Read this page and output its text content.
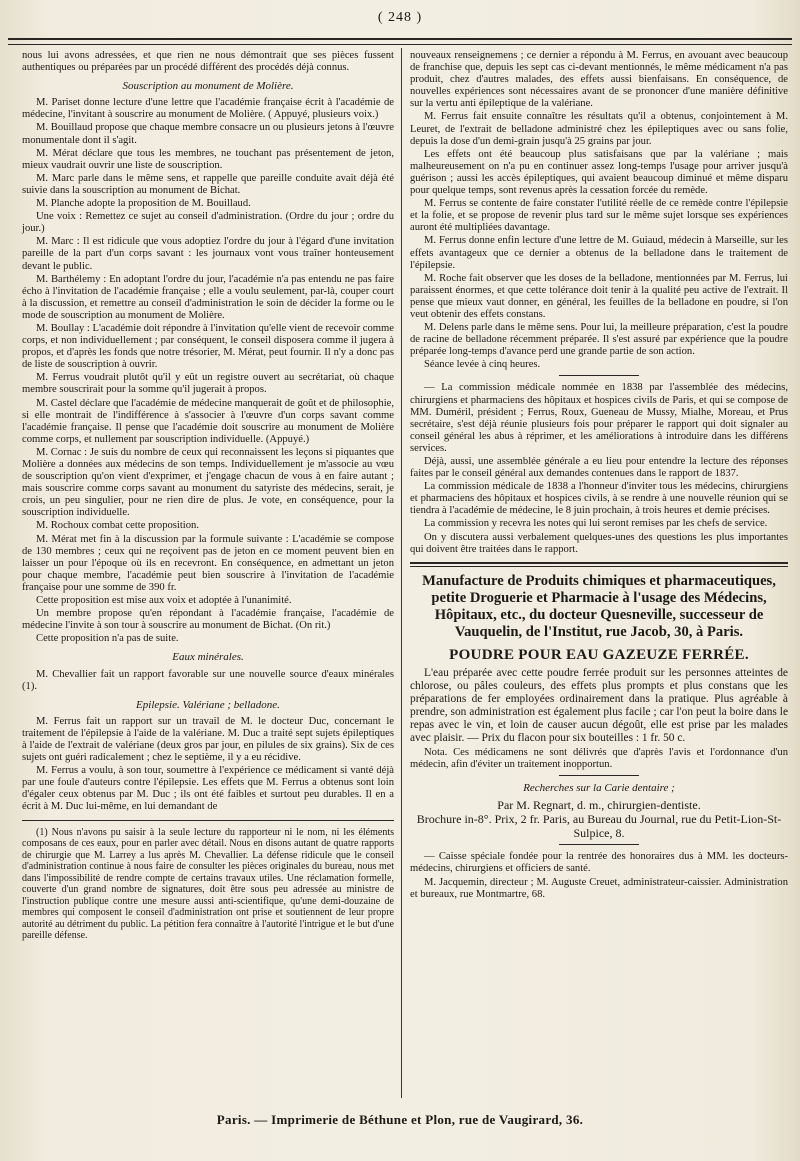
( 248 )

nous lui avons adressées, et que rien ne nous démontrait que ses pièces fussent authentiques ou préparées par un procédé différent des procédés déjà connus.

Souscription au monument de Molière.

M. Pariset donne lecture d'une lettre que l'académie française écrit à l'académie de médecine, l'invitant à souscrire au monument de Molière. ( Appuyé, plusieurs voix.)

M. Bouillaud propose que chaque membre consacre un ou plusieurs jetons à l'œuvre monumentale dont il s'agit.

M. Mérat déclare que tous les membres, ne touchant pas présentement de jeton, mieux vaudrait ouvrir une liste de souscription.

M. Marc parle dans le même sens, et rappelle que pareille conduite avait déjà été suivie dans la souscription au monument de Bichat.

M. Planche adopte la proposition de M. Bouillaud.

Une voix : Remettez ce sujet au conseil d'administration. (Ordre du jour ; ordre du jour.)

M. Marc : Il est ridicule que vous adoptiez l'ordre du jour à l'égard d'une invitation pareille de la part d'un corps savant : les journaux vont vous traîner honteusement devant le public.

M. Barthélemy : En adoptant l'ordre du jour, l'académie n'a pas entendu ne pas faire écho à l'invitation de l'académie française ; elle a voulu seulement, par-là, couper court à la discussion, et remettre au conseil d'administration le soin de décider la forme ou le mode de souscription au monument de Molière.

M. Boullay : L'académie doit répondre à l'invitation qu'elle vient de recevoir comme corps, et non individuellement ; par conséquent, le conseil disposera comme il jugera à propos, et d'après les fonds que notre trésorier, M. Mérat, peut fournir. Il n'y a donc pas de liste de souscription à ouvrir.

M. Ferrus voudrait plutôt qu'il y eût un registre ouvert au secrétariat, où chaque membre souscrirait pour la somme qu'il jugerait à propos.

M. Castel déclare que l'académie de médecine manquerait de goût et de philosophie, si elle montrait de l'indifférence à s'associer à l'œuvre d'un corps savant comme l'académie française. Il pense que l'académie doit souscrire au monument de Molière comme corps, et nullement par souscription individuelle. (Appuyé.)

M. Cornac : Je suis du nombre de ceux qui reconnaissent les leçons si piquantes que Molière a données aux médecins de son temps. Individuellement je m'associe au vœu de souscription qu'on vient d'exprimer, et j'engage chacun de vous à en faire autant ; mais souscrire comme corps savant au monument du satyriste des médecins, serait, je crois, un peu singulier, pour ne rien dire de plus. Je vote, en conséquence, pour la souscription individuelle.

M. Rochoux combat cette proposition.

M. Mérat met fin à la discussion par la formule suivante : L'académie se compose de 130 membres ; ceux qui ne reçoivent pas de jeton en ce moment peuvent bien en laisser un pour l'époque où ils en recevront. En conséquence, en admettant un jeton pour chaque membre, l'académie peut bien souscrire à l'invitation de l'académie française pour une somme de 390 fr.

Cette proposition est mise aux voix et adoptée à l'unanimité.

Un membre propose qu'en répondant à l'académie française, l'académie de médecine l'invite à son tour à souscrire au monument de Bichat. (On rit.)

Cette proposition n'a pas de suite.

Eaux minérales.

M. Chevallier fait un rapport favorable sur une nouvelle source d'eaux minérales (1).

Epilepsie. Valériane ; belladone.

M. Ferrus fait un rapport sur un travail de M. le docteur Duc, concernant le traitement de l'épilepsie à l'aide de la valériane. M. Duc a traité sept sujets épileptiques à l'aide de l'extrait de valériane (deux gros par jour, en pilules de six grains). Six de ces sujets ont guéri radicalement ; chez le septième, il y a eu récidive.

M. Ferrus a voulu, à son tour, soumettre à l'expérience ce médicament si vanté déjà par une foule d'auteurs contre l'épilepsie. Les effets que M. Ferrus a obtenus sont loin d'égaler ceux obtenus par M. Duc ; ils ont été faibles et surtout peu durables. Il en a écrit à M. Duc lui-même, en lui demandant de

(1) Nous n'avons pu saisir à la seule lecture du rapporteur ni le nom, ni les éléments composans de ces eaux, pour en parler avec détail. Nous en disons autant de quatre rapports de chirurgie que M. Larrey a lus après M. Chevallier. La défense ridicule que le conseil d'administration continue à nous faire de consulter les pièces originales du bureau, nous met dans l'impossibilité de rendre compte de certains travaux utiles. Une réclamation formelle, couverte d'un grand nombre de signatures, doit être sous peu adressée au ministre de l'instruction publique contre une mesure aussi anti-scientifique, qu'une demi-douzaine de membres qui composent le conseil d'administration ont prise et soutiennent de leur propre autorité au détriment du public. La pétition fera connaître à l'autorité l'intrigue et le but d'une pareille défense.

nouveaux renseignemens ; ce dernier a répondu à M. Ferrus, en avouant avec beaucoup de franchise que, depuis les sept cas ci-devant mentionnés, le même médicament n'a pas produit, chez d'autres malades, des effets aussi bienfaisans. En conséquence, de nouvelles expériences sont nécessaires avant de se prononcer d'une manière définitive sur la vertu anti épileptique de la valériane.

M. Ferrus fait ensuite connaître les résultats qu'il a obtenus, conjointement à M. Leuret, de l'extrait de belladone administré chez les épileptiques avec ou sans folie, depuis la dose d'un demi-grain jusqu'à 25 grains par jour.

Les effets ont été beaucoup plus satisfaisans que par la valériane ; mais malheureusement on n'a pu en continuer assez long-temps l'usage pour arriver jusqu'à guérison ; aussi les accès épileptiques, qui avaient beaucoup diminué et même disparu pour quelque temps, sont revenus après la cessation forcée du remède.

M. Ferrus se contente de faire constater l'utilité réelle de ce remède contre l'épilepsie et la folie, et se propose de revenir plus tard sur le même sujet lorsque ses expériences auront été multipliées davantage.

M. Ferrus donne enfin lecture d'une lettre de M. Guiaud, médecin à Marseille, sur les effets avantageux que ce dernier a obtenus de la belladone dans le traitement de l'épilepsie.

M. Roche fait observer que les doses de la belladone, mentionnées par M. Ferrus, lui paraissent énormes, et que cette tolérance doit tenir à la qualité peu active de l'extrait. Il pense que mieux vaut donner, en général, les feuilles de la belladone en poudre, si l'on veut obtenir des effets constans.

M. Delens parle dans le même sens. Pour lui, la meilleure préparation, c'est la poudre de racine de belladone récemment préparée. Il s'est assuré par expérience que la poudre préparée long-temps d'avance perd une grande partie de son action.

Séance levée à cinq heures.

— La commission médicale nommée en 1838 par l'assemblée des médecins, chirurgiens et pharmaciens des hôpitaux et hospices civils de Paris, et qui se compose de MM. Duméril, président ; Ferrus, Roux, Gueneau de Mussy, Mialhe, Moreau, et Prus secrétaire, s'est déjà réunie plusieurs fois pour préparer le rapport qui doit signaler au conseil général les abus à réprimer, et les améliorations à introduire dans les différens services.

Déjà, aussi, une assemblée générale a eu lieu pour entendre la lecture des réponses faites par le conseil général aux demandes contenues dans le rapport de 1837.

La commission médicale de 1838 a l'honneur d'inviter tous les médecins, chirurgiens et pharmaciens des hôpitaux et hospices civils, à se rendre à une nouvelle réunion qui se tiendra à l'académie de médecine, le 8 juin prochain, à trois heures et demie précises.

La commission y recevra les notes qui lui seront remises par les chefs de service.

On y discutera aussi verbalement quelques-unes des questions les plus importantes qui doivent être traitées dans le rapport.

Manufacture de Produits chimiques et pharmaceutiques, petite Droguerie et Pharmacie à l'usage des Médecins, Hôpitaux, etc., du docteur Quesneville, successeur de Vauquelin, de l'Institut, rue Jacob, 30, à Paris.
POUDRE POUR EAU GAZEUZE FERRÉE.

L'eau préparée avec cette poudre ferrée produit sur les personnes atteintes de chlorose, ou pâles couleurs, des effets plus prompts et plus constans que les préparations de fer employées ordinairement dans la pratique. Plus agréable à prendre, son administration est également plus facile ; car l'on peut la boire dans le repas avec le vin, et loin de causer aucun dégoût, elle est prise par les malades avec plaisir. — Prix du flacon pour six bouteilles : 1 fr. 50 c.

Nota. Ces médicamens ne sont délivrés que d'après l'avis et l'ordonnance d'un médecin, afin d'éviter un traitement inopportun.

Recherches sur la Carie dentaire ;
Par M. Regnart, d. m., chirurgien-dentiste.
Brochure in-8°. Prix, 2 fr. Paris, au Bureau du Journal, rue du Petit-Lion-St-Sulpice, 8.

— Caisse spéciale fondée pour la rentrée des honoraires dus à MM. les docteurs-médecins, chirurgiens et officiers de santé.

M. Jacquemin, directeur ; M. Auguste Creuet, administrateur-caissier. Administration et bureaux, rue Montmartre, 68.

Paris. — Imprimerie de Béthune et Plon, rue de Vaugirard, 36.
